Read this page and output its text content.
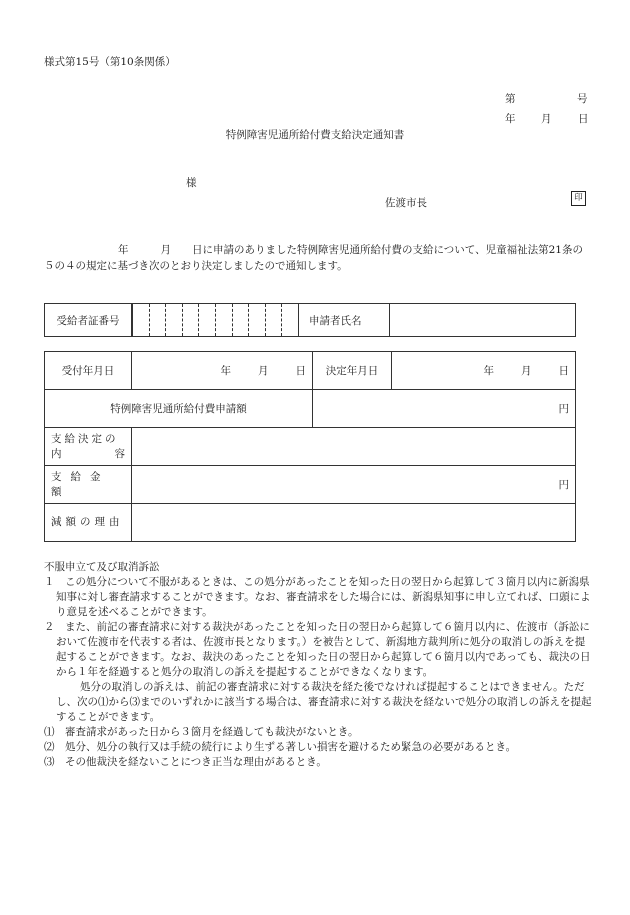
様式第15号（第10条関係）
第	号
年 月	日
特例障害児通所給付費支給決定通知書
様
佐渡市長	印
年	月 日に申請のありました特例障害児通所給付費の支給について、児童福祉法第21条の５の４の規定に基づき次のとおり決定しましたので通知します。
受給者証番号		申請者氏名	
受付年月日	年 月 日	決定年月日	年 月 日
特例障害児通所給付費申請額		円	

支給決定の
内 容			

支給金額	円		
減額の理由			

不服申立て及び取消訴訟

１　この処分について不服があるときは、この処分があったことを知った日の翌日から起算して３箇月以内に新潟県知事に対し審査請求することができます。なお、審査請求をした場合には、新潟県知事に申し立てれば、口頭により意見を述べることができます。

２　また、前記の審査請求に対する裁決があったことを知った日の翌日から起算して６箇月以内に、佐渡市（訴訟において佐渡市を代表する者は、佐渡市長となります。）を被告として、新潟地方裁判所に処分の取消しの訴えを提起することができます。なお、裁決のあったことを知った日の翌日から起算して６箇月以内であっても、裁決の日から１年を経過すると処分の取消しの訴えを提起することができなくなります。

処分の取消しの訴えは、前記の審査請求に対する裁決を経た後でなければ提起することはできません。ただし、次の⑴から⑶までのいずれかに該当する場合は、審査請求に対する裁決を経ないで処分の取消しの訴えを提起することができます。

⑴　審査請求があった日から３箇月を経過しても裁決がないとき。

⑵　処分、処分の執行又は手続の続行により生ずる著しい損害を避けるため緊急の必要があるとき。

⑶　その他裁決を経ないことにつき正当な理由があるとき。
